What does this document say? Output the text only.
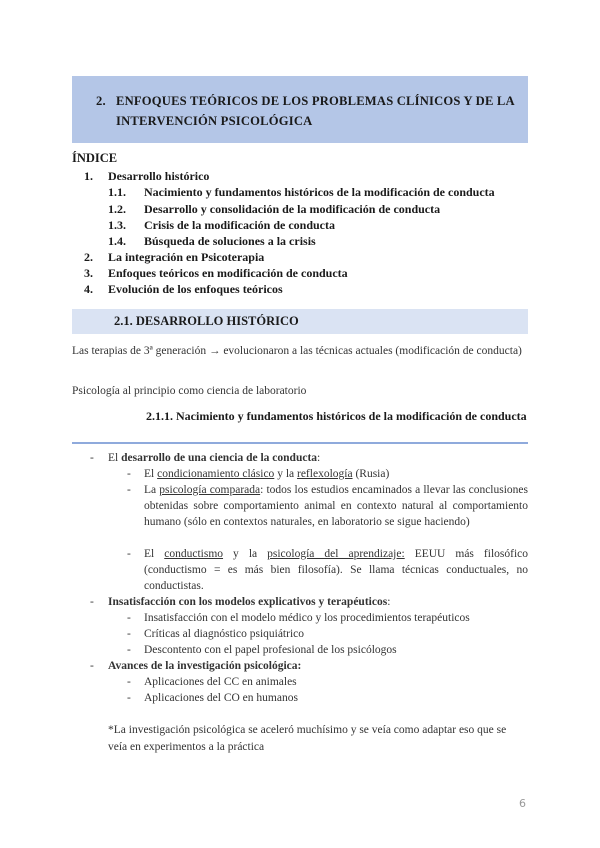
2. ENFOQUES TEÓRICOS DE LOS PROBLEMAS CLÍNICOS Y DE LA INTERVENCIÓN PSICOLÓGICA
ÍNDICE
1. Desarrollo histórico
1.1. Nacimiento y fundamentos históricos de la modificación de conducta
1.2. Desarrollo y consolidación de la modificación de conducta
1.3. Crisis de la modificación de conducta
1.4. Búsqueda de soluciones a la crisis
2. La integración en Psicoterapia
3. Enfoques teóricos en modificación de conducta
4. Evolución de los enfoques teóricos
2.1. DESARROLLO HISTÓRICO
Las terapias de 3ª generación → evolucionaron a las técnicas actuales (modificación de conducta)
Psicología al principio como ciencia de laboratorio
2.1.1. Nacimiento y fundamentos históricos de la modificación de conducta
- El desarrollo de una ciencia de la conducta:
- El condicionamiento clásico y la reflexología (Rusia)
- La psicología comparada: todos los estudios encaminados a llevar las conclusiones obtenidas sobre comportamiento animal en contexto natural al comportamiento humano (sólo en contextos naturales, en laboratorio se sigue haciendo)
- El conductismo y la psicología del aprendizaje: EEUU más filosófico (conductismo = es más bien filosofía). Se llama técnicas conductuales, no conductistas.
- Insatisfacción con los modelos explicativos y terapéuticos:
- Insatisfacción con el modelo médico y los procedimientos terapéuticos
- Críticas al diagnóstico psiquiátrico
- Descontento con el papel profesional de los psicólogos
- Avances de la investigación psicológica:
- Aplicaciones del CC en animales
- Aplicaciones del CO en humanos
*La investigación psicológica se aceleró muchísimo y se veía como adaptar eso que se veía en experimentos a la práctica
6
